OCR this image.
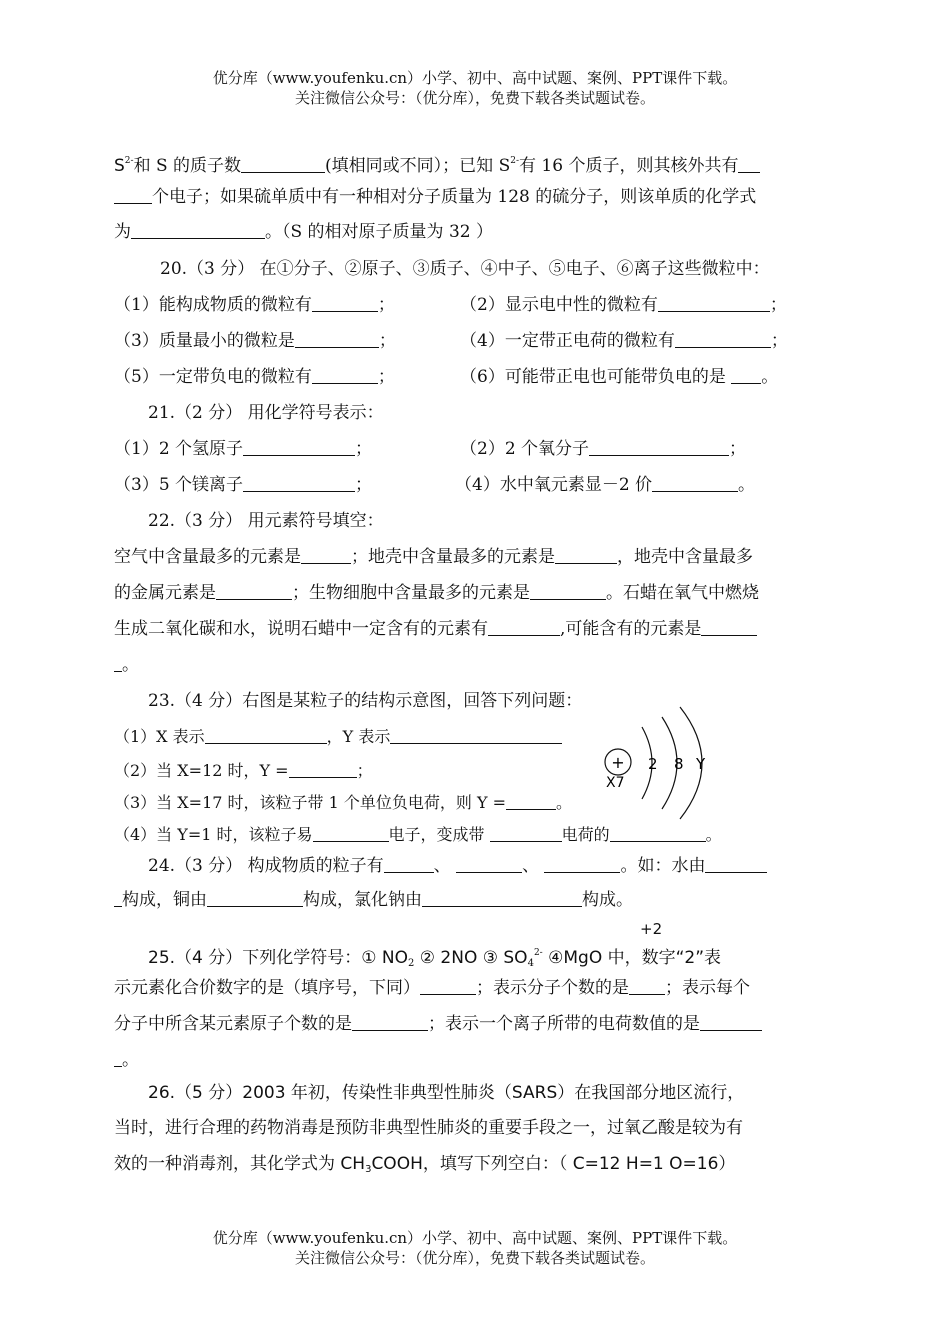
优分库（www.youfenku.cn）小学、初中、高中试题、案例、PPT课件下载。
关注微信公众号：（优分库），免费下载各类试题试卷。
$S^{2-}$和 S 的质子数	(填相同或不同）；已知 $S^{2-}$有 16 个质子，则其核外共有
个电子；如果硫单质中有一种相对分子质量为 128 的硫分子，则该单质的化学式
为	。（S 的相对原子质量为 32 ）
20.（3 分） 在①分子、②原子、③质子、④中子、⑤电子、⑥离子这些微粒中：
（1）能构成物质的微粒有	；	（2）显示电中性的微粒有	；
（3）质量最小的微粒是	；	（4）一定带正电荷的微粒有	；
（5）一定带负电的微粒有	；	（6）可能带正电也可能带负电的是 。
21.（2 分） 用化学符号表示：
（1）2 个氢原子	；	（2）2 个氧分子	；
（3）5 个镁离子	；	（4）水中氧元素显－2 价	。
22.（3 分） 用元素符号填空：
空气中含量最多的元素是	；地壳中含量最多的元素是	，地壳中含量最多
的金属元素是	；生物细胞中含量最多的元素是	。石蜡在氧气中燃烧
生成二氧化碳和水，说明石蜡中一定含有的元素有	,可能含有的元素是
。
23.（4 分）右图是某粒子的结构示意图，回答下列问题：
（1）X 表示	，Y 表示
（2）当 X=12 时，Y =	；
（3）当 X=17 时，该粒子带 1 个单位负电荷，则 Y =	。
（4）当 Y=1 时，该粒子易	电子，变成带	电荷的	。
+
X7
2 8 Y
24.（3 分） 构成物质的粒子有	、	、	。如：水由
构成，铜由	构成，氯化钠由	构成。
+2
25.（4 分）下列化学符号：① $NO_2$ ② 2NO ③ $SO_4^{2-}$ ④MgO 中，数字“2”表
示元素化合价数字的是（填序号，下同）	；表示分子个数的是 ；表示每个
分子中所含某元素原子个数的是	；表示一个离子所带的电荷数值的是
。
26.（5 分）2003 年初，传染性非典型性肺炎（SARS）在我国部分地区流行，
当时，进行合理的药物消毒是预防非典型性肺炎的重要手段之一，过氧乙酸是较为有
效的一种消毒剂，其化学式为 $CH_3COOH$，填写下列空白：（ C=12 H=1 O=16）
优分库（www.youfenku.cn）小学、初中、高中试题、案例、PPT课件下载。
关注微信公众号：（优分库），免费下载各类试题试卷。
